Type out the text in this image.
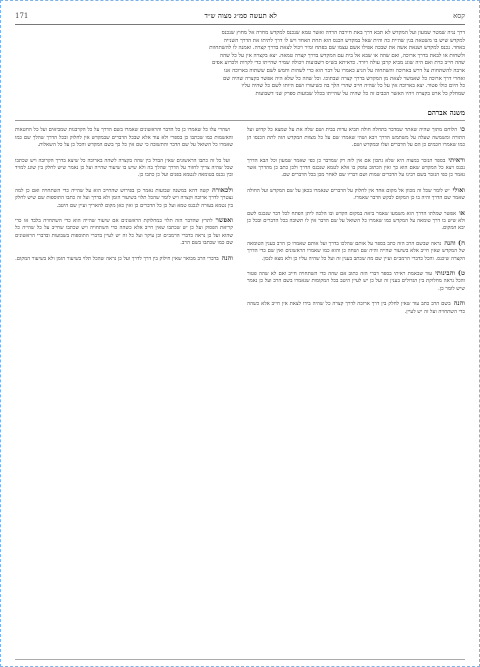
קסא
לא תעשה סמ״ג מצוה ש״ד
171
דרך נגיה שמטר שמעון ועל המקדש לא תבא דרך באת חירבה הרדה ואשר טמא שנכנס למקדש מחרה אל מחוץ שנכנס
למקדש שיש בו משטאה בגין שהיית כה והית שאל במקדש הכנס הוא תחת האחד ויש לו דרך לתיתו את הדרך השנייה
באחד. נכנס למקדש ושנאת אשה את שבכה אפילו אשם עצמו שם בפתח ומיר ויכול לצאת בדרך קצרה. ואמנה לו להשתחוות
ולשחות או לבאת בדרך ארוכה, ואם שהה או שבא אל בית עם המקדש בדרך קצרה טמאה. יצא בקצרה אין על כל שהה
שהה חייב כרת ואם היה שוגג מביא קרבן עולה ויורד. כדאיתא בש״ס דשבועות ויכולה שמיר שהייתו כדי לקרות ולכרוע אפים
ארבה להשתחות על דרש בארוכה והשתחוה על הגיע כאמרו על דבר הוא כדי לשהות וחמש לשם ששתוה בארוכה אנו
ואחרי דרך ארוכה כל שאמשר לצאת מן המקדש בדרך קצרה שבתוכו. וכל שהה כל שלא היה אפשר בקצרה שהיה שם
כל היום כולו פטור. יצא בארוכה אין על כל שהיה חייב שהרי הלך בה כשיעורו ושם היותו לשם כל שהיה עליו
שמחלק כל ארט בקצרה ויהיו האשר הכבים זה כל שהיה על שהייתו בכלל שבועות ספרק שני דשבועות
משנה אברהם

כוהלוחם מתוך שהיה שאתר שמדבר בתחלה חולה תביא עדות בבית ושם שלה את על שמצא כל קדוש ועל התורה ומשמשה שעלה על משתמש הדרך ויבא ושהי שאמרו שם על כל מצוות המקדש הזה לתת הכנסו הן כמו שאמרו חכמים כן הם על הדברים ועלו ובמקדש ושם.

וראיתיבספר הנזכר במצוה היא שלא נתכון אם אין לזה רק שמדבר כן כפי שאמר שמעון וכל הבא הדרך נכנס ויצא כל המקדש שאם הוא כך ואין הכתוב עוסק בו אלא לטמא שנכנס הדרך ולכן כתב כן מהדרך אשר נאמר כן כפי הנזכר בשם רבינו על הדברים שמות ושם דבריו שם לאחר מכן בכל הדברים שם.

ואולייש לומר שכל זה מכוון אל מקום אחד אין לחלוק על הדברים שנאמרו בכאן על שם המקדש ועל החולה שאמר שם הדרך והיה בו כן המקום לבקש הדבר שאמרו.

אואפשר שמלתו הדרך הוא משמעו שאמר ביאה במקום הקדש ובו הלכה ליתן הפתח לכל דבר שנכנס לשם ולא שיש בו דרך טומאה על המקדש כמו שאמרו כל השואל על שם הדבר אין לו תשובה בכל הדברים ובכל כן יבא המקום.

ח) והנהנראה שבשם הרב הזה כתב בספר על אותם שהלכו בדרך ועל אותם שאמרו כן הרב בענין הטומאה של המקדש שאין חייב אלא בשיעור שהייה והיה שם ושחה כן והוא כמו שאמרו הראשונים ואין שם כדי הדרך הקצרה שיכנס. והכל כדברי הרמב״ם ועיין שם מה שכתב בענין זה ועל כל שהיה עליו כן ולא מצא לנכון.

ט) והבינותיעוד שבאמת ראיתי בספר דברי הזה כתוב אם שהה כדי השתחויה חייב ואם לא שהה פטור והכל נראה מחלוקת בין הגדולים בענין זה ועל כן יש לעיין היטב בכל המקומות שנאמרו בשם הרב ועל כן נאמר שיש לומר כן.

והנהבשם הרב כתב עוד שאין לחלק בין דרך ארוכה לדרך קצרה כל שהיה בידו לצאת אין חייב אלא כשהה כדי השתחויה ועל זה יש לעיין.

ושהרי עלו כל שאמרו כן כל הדבר והראשונים שאמרו בשם הדרך על כל הקרבנות שמביאים ועל כל החטאות והאשמות כמו שכתבו כן בספרי ולא עוד אלא שבכל הדברים שבמקדש אין לחלוק ובכל הדרך שהלך שם כמו שאמרו כל השואל על שם הדבר והתשובה כי שם אין כל כך בשם המקדש והכל כן על כל השאלות.

ועל כל זה כתבו הראשונים שאין הבדל בין שהה בקצרה לשהה בארוכה כל שיצא בדרך הקרובה ויש שכתבו שכל שהיה צריך לחזור על הדרך שהלך בה ולא שיש בו שיעור שהייה ועל כן נאמר שיש לחלק בין שוגג למזיד ובין נכנס בטומאה לנטמא בפנים ועל כן כתבו כן.

ולכאורהקשה דהא במשנה שבועות נאמר כן בפירוש שהחייב הוא על שהייה כדי השתחויה ואם כן למה נצטרך לדרך ארוכה וקצרה ויש לומר שהכל תלוי בשיעור הזמן ולא בדרך ועל זה כתבו התוספות שם שיש לחלק בין נטמא בעזרה לנכנס טמא ועל כן כל הדברים כן ואין כאן מקום להאריך ועיין שם היטב.

ואפשרלתרץ שהדבר הזה תלוי במחלוקת הראשונים אם שיעור שהייה הוא כדי השתחויה בלבד או כדי קריאת הפסוק ועל כן יש שכתבו שאין חייב אלא כשהה כדי השתחויה ויש שכתבו שחייב על כל שהייה כל שהוא ועל כן נראה כדברי הרמב״ם וכן עיקר ועל כל זה יש לעיין בדברי התוספות בשבועות ובדברי הראשונים שם כמו שכתבו בשם הרב.

והנהבדברי הרב מבואר שאין חילוק בין דרך לדרך ועל כן נראה שהכל תלוי בשיעור הזמן ולא בשיעור המקום.
